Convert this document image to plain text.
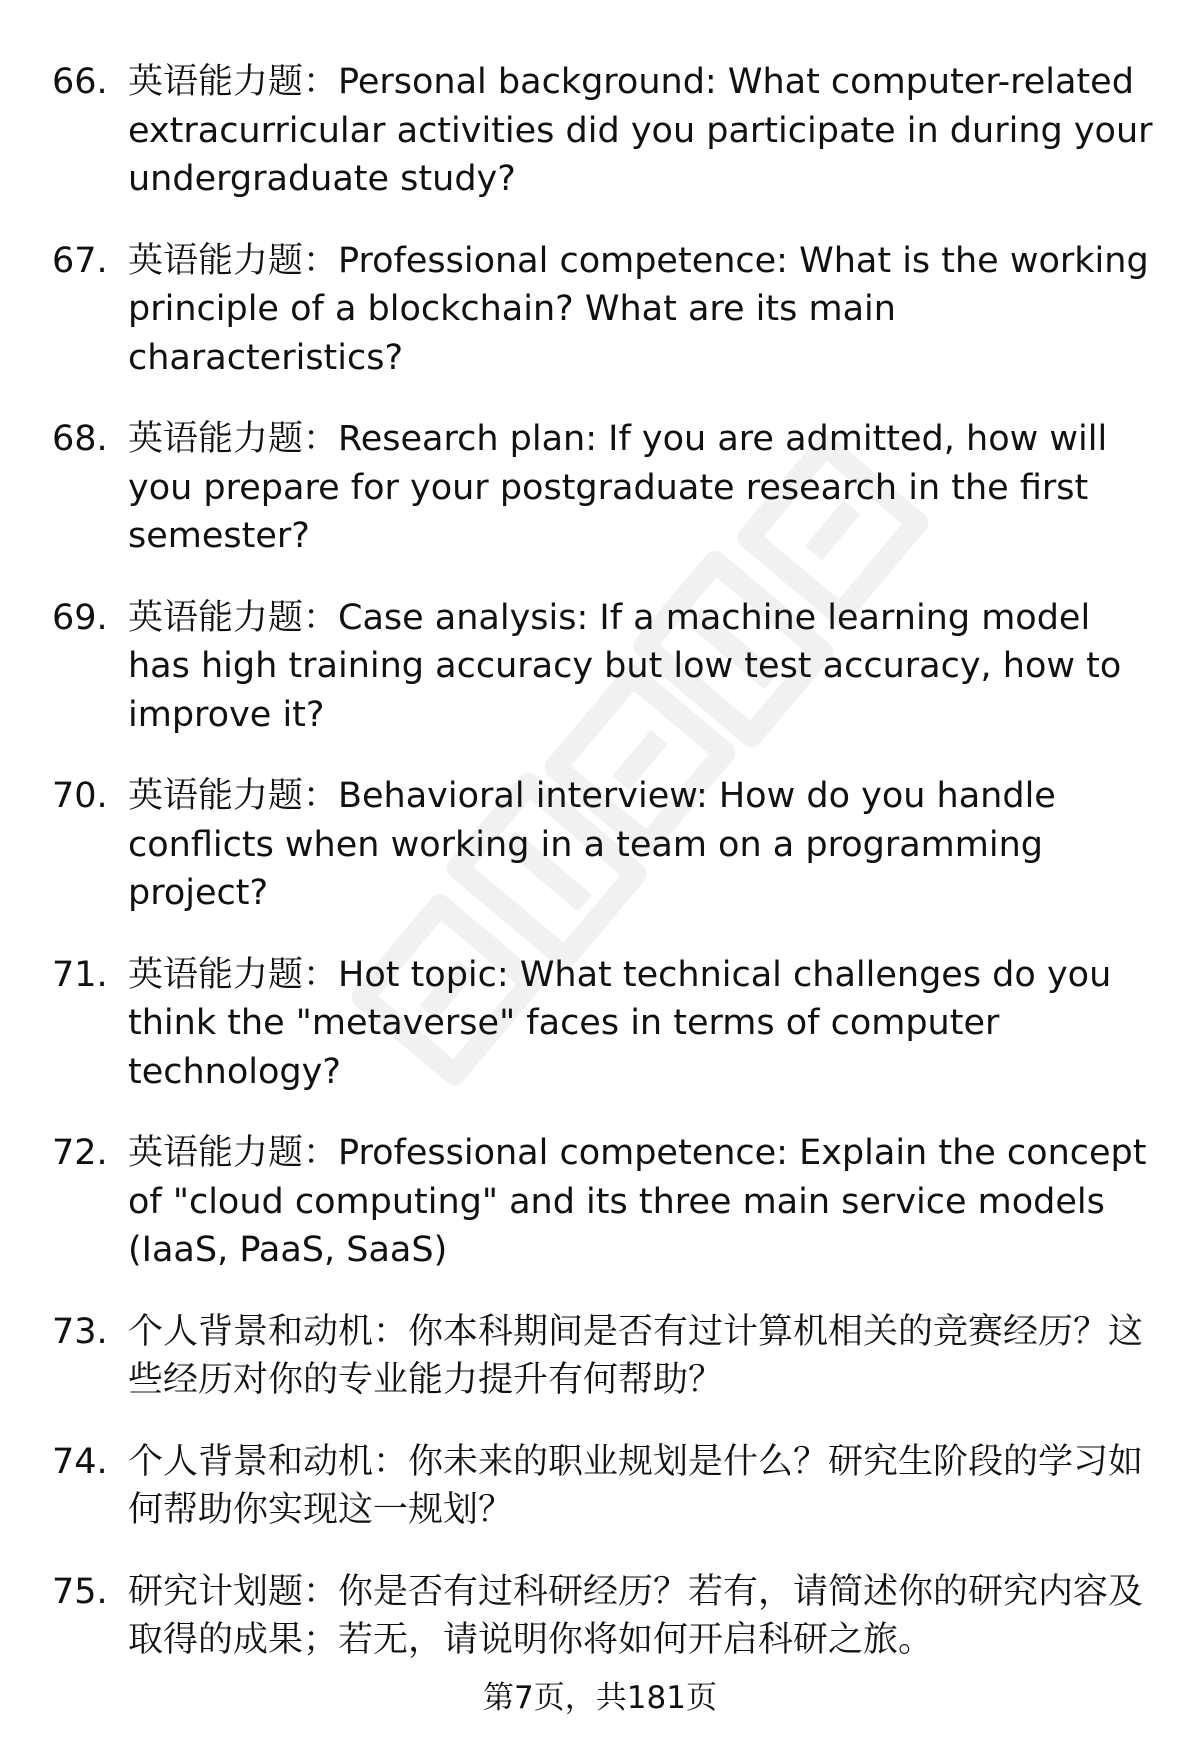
66. 英语能力题：Personal background: What computer-related extracurricular activities did you participate in during your undergraduate study?
67. 英语能力题：Professional competence: What is the working principle of a blockchain? What are its main characteristics?
68. 英语能力题：Research plan: If you are admitted, how will you prepare for your postgraduate research in the first semester?
69. 英语能力题：Case analysis: If a machine learning model has high training accuracy but low test accuracy, how to improve it?
70. 英语能力题：Behavioral interview: How do you handle conflicts when working in a team on a programming project?
71. 英语能力题：Hot topic: What technical challenges do you think the "metaverse" faces in terms of computer technology?
72. 英语能力题：Professional competence: Explain the concept of "cloud computing" and its three main service models (IaaS, PaaS, SaaS)
73. 个人背景和动机：你本科期间是否有过计算机相关的竞赛经历？这些经历对你的专业能力提升有何帮助？
74. 个人背景和动机：你未来的职业规划是什么？研究生阶段的学习如何帮助你实现这一规划？
75. 研究计划题：你是否有过科研经历？若有，请简述你的研究内容及取得的成果；若无，请说明你将如何开启科研之旅。
第7页，共181页
